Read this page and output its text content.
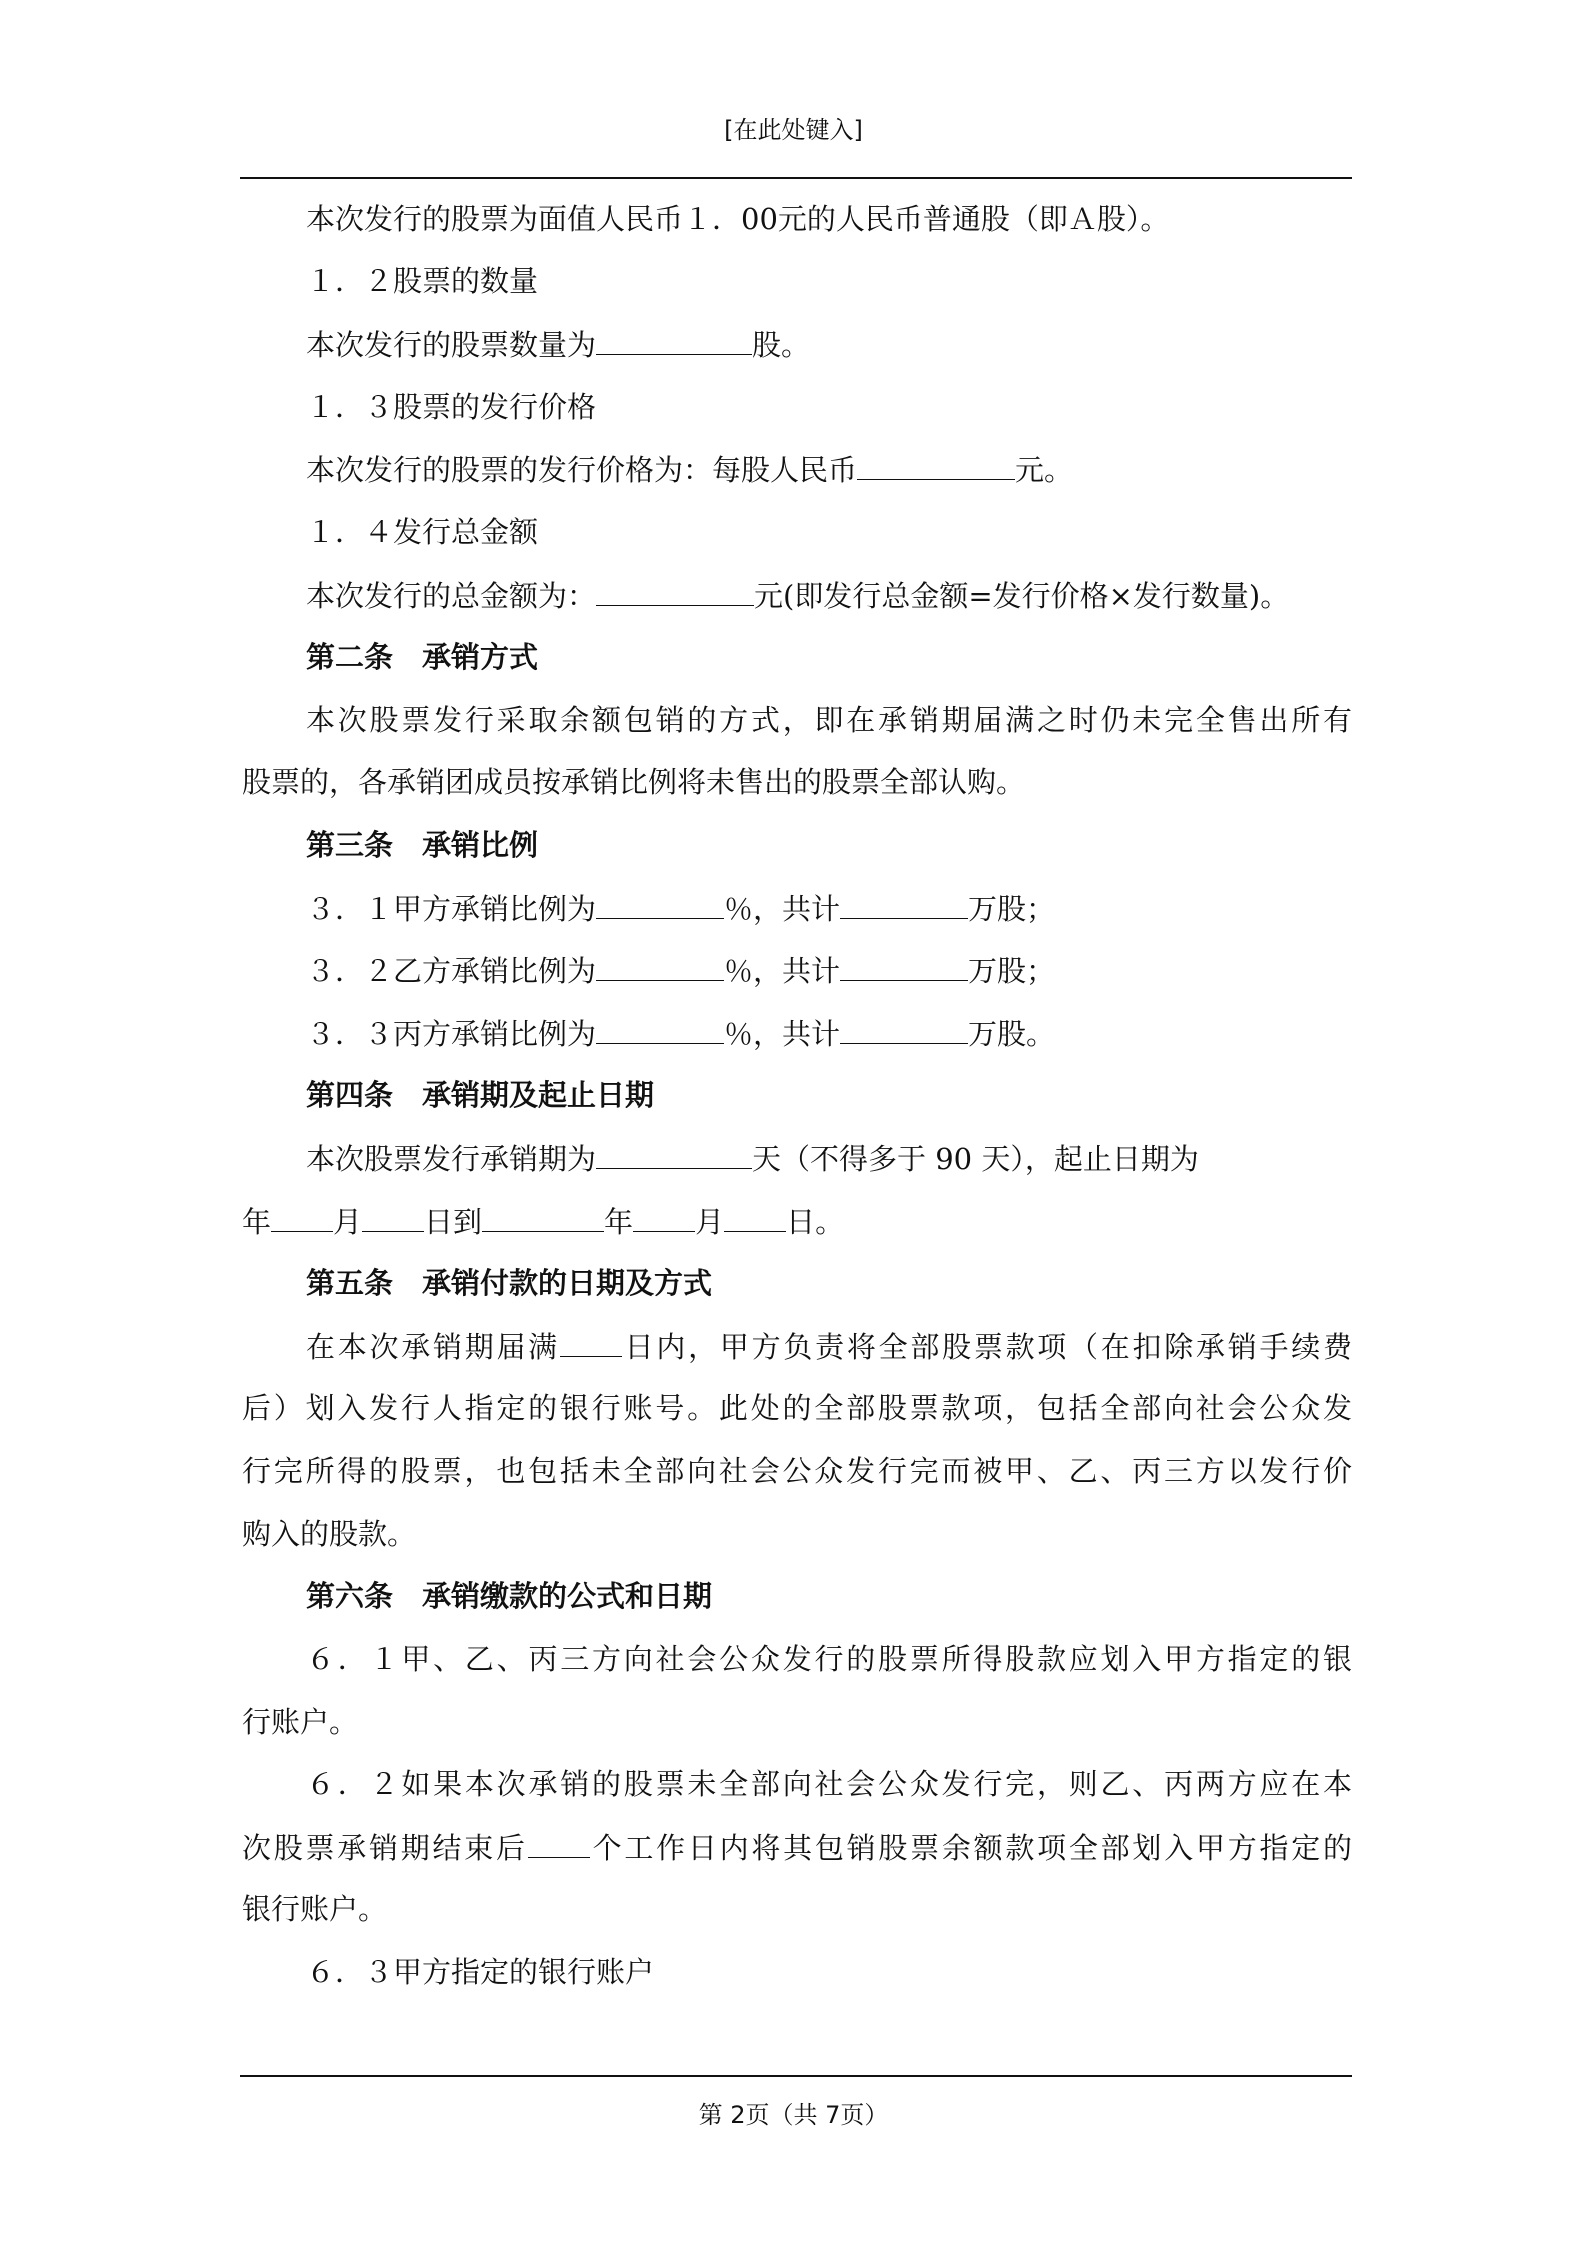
[在此处键入]
本次发行的股票为面值人民币１．00元的人民币普通股（即Ａ股）。
１．２股票的数量
本次发行的股票数量为	股。
１．３股票的发行价格
本次发行的股票的发行价格为：每股人民币	元。
１．４发行总金额
本次发行的总金额为：	元(即发行总金额=发行价格×发行数量)。
第二条　承销方式
本次股票发行采取余额包销的方式，即在承销期届满之时仍未完全售出所有
股票的，各承销团成员按承销比例将未售出的股票全部认购。
第三条　承销比例
３．１甲方承销比例为	％，共计	万股；
３．２乙方承销比例为	％，共计	万股；
３．３丙方承销比例为	％，共计	万股。
第四条　承销期及起止日期
本次股票发行承销期为	天（不得多于 90 天），起止日期为
年 月 日到	年 月 日。
第五条　承销付款的日期及方式
在本次承销期届满 日内，甲方负责将全部股票款项（在扣除承销手续费
后）划入发行人指定的银行账号。此处的全部股票款项，包括全部向社会公众发
行完所得的股票，也包括未全部向社会公众发行完而被甲、乙、丙三方以发行价
购入的股款。
第六条　承销缴款的公式和日期
６．１甲、乙、丙三方向社会公众发行的股票所得股款应划入甲方指定的银
行账户。
６．２如果本次承销的股票未全部向社会公众发行完，则乙、丙两方应在本
次股票承销期结束后 个工作日内将其包销股票余额款项全部划入甲方指定的
银行账户。
６．３甲方指定的银行账户
第 2页（共 7页）
